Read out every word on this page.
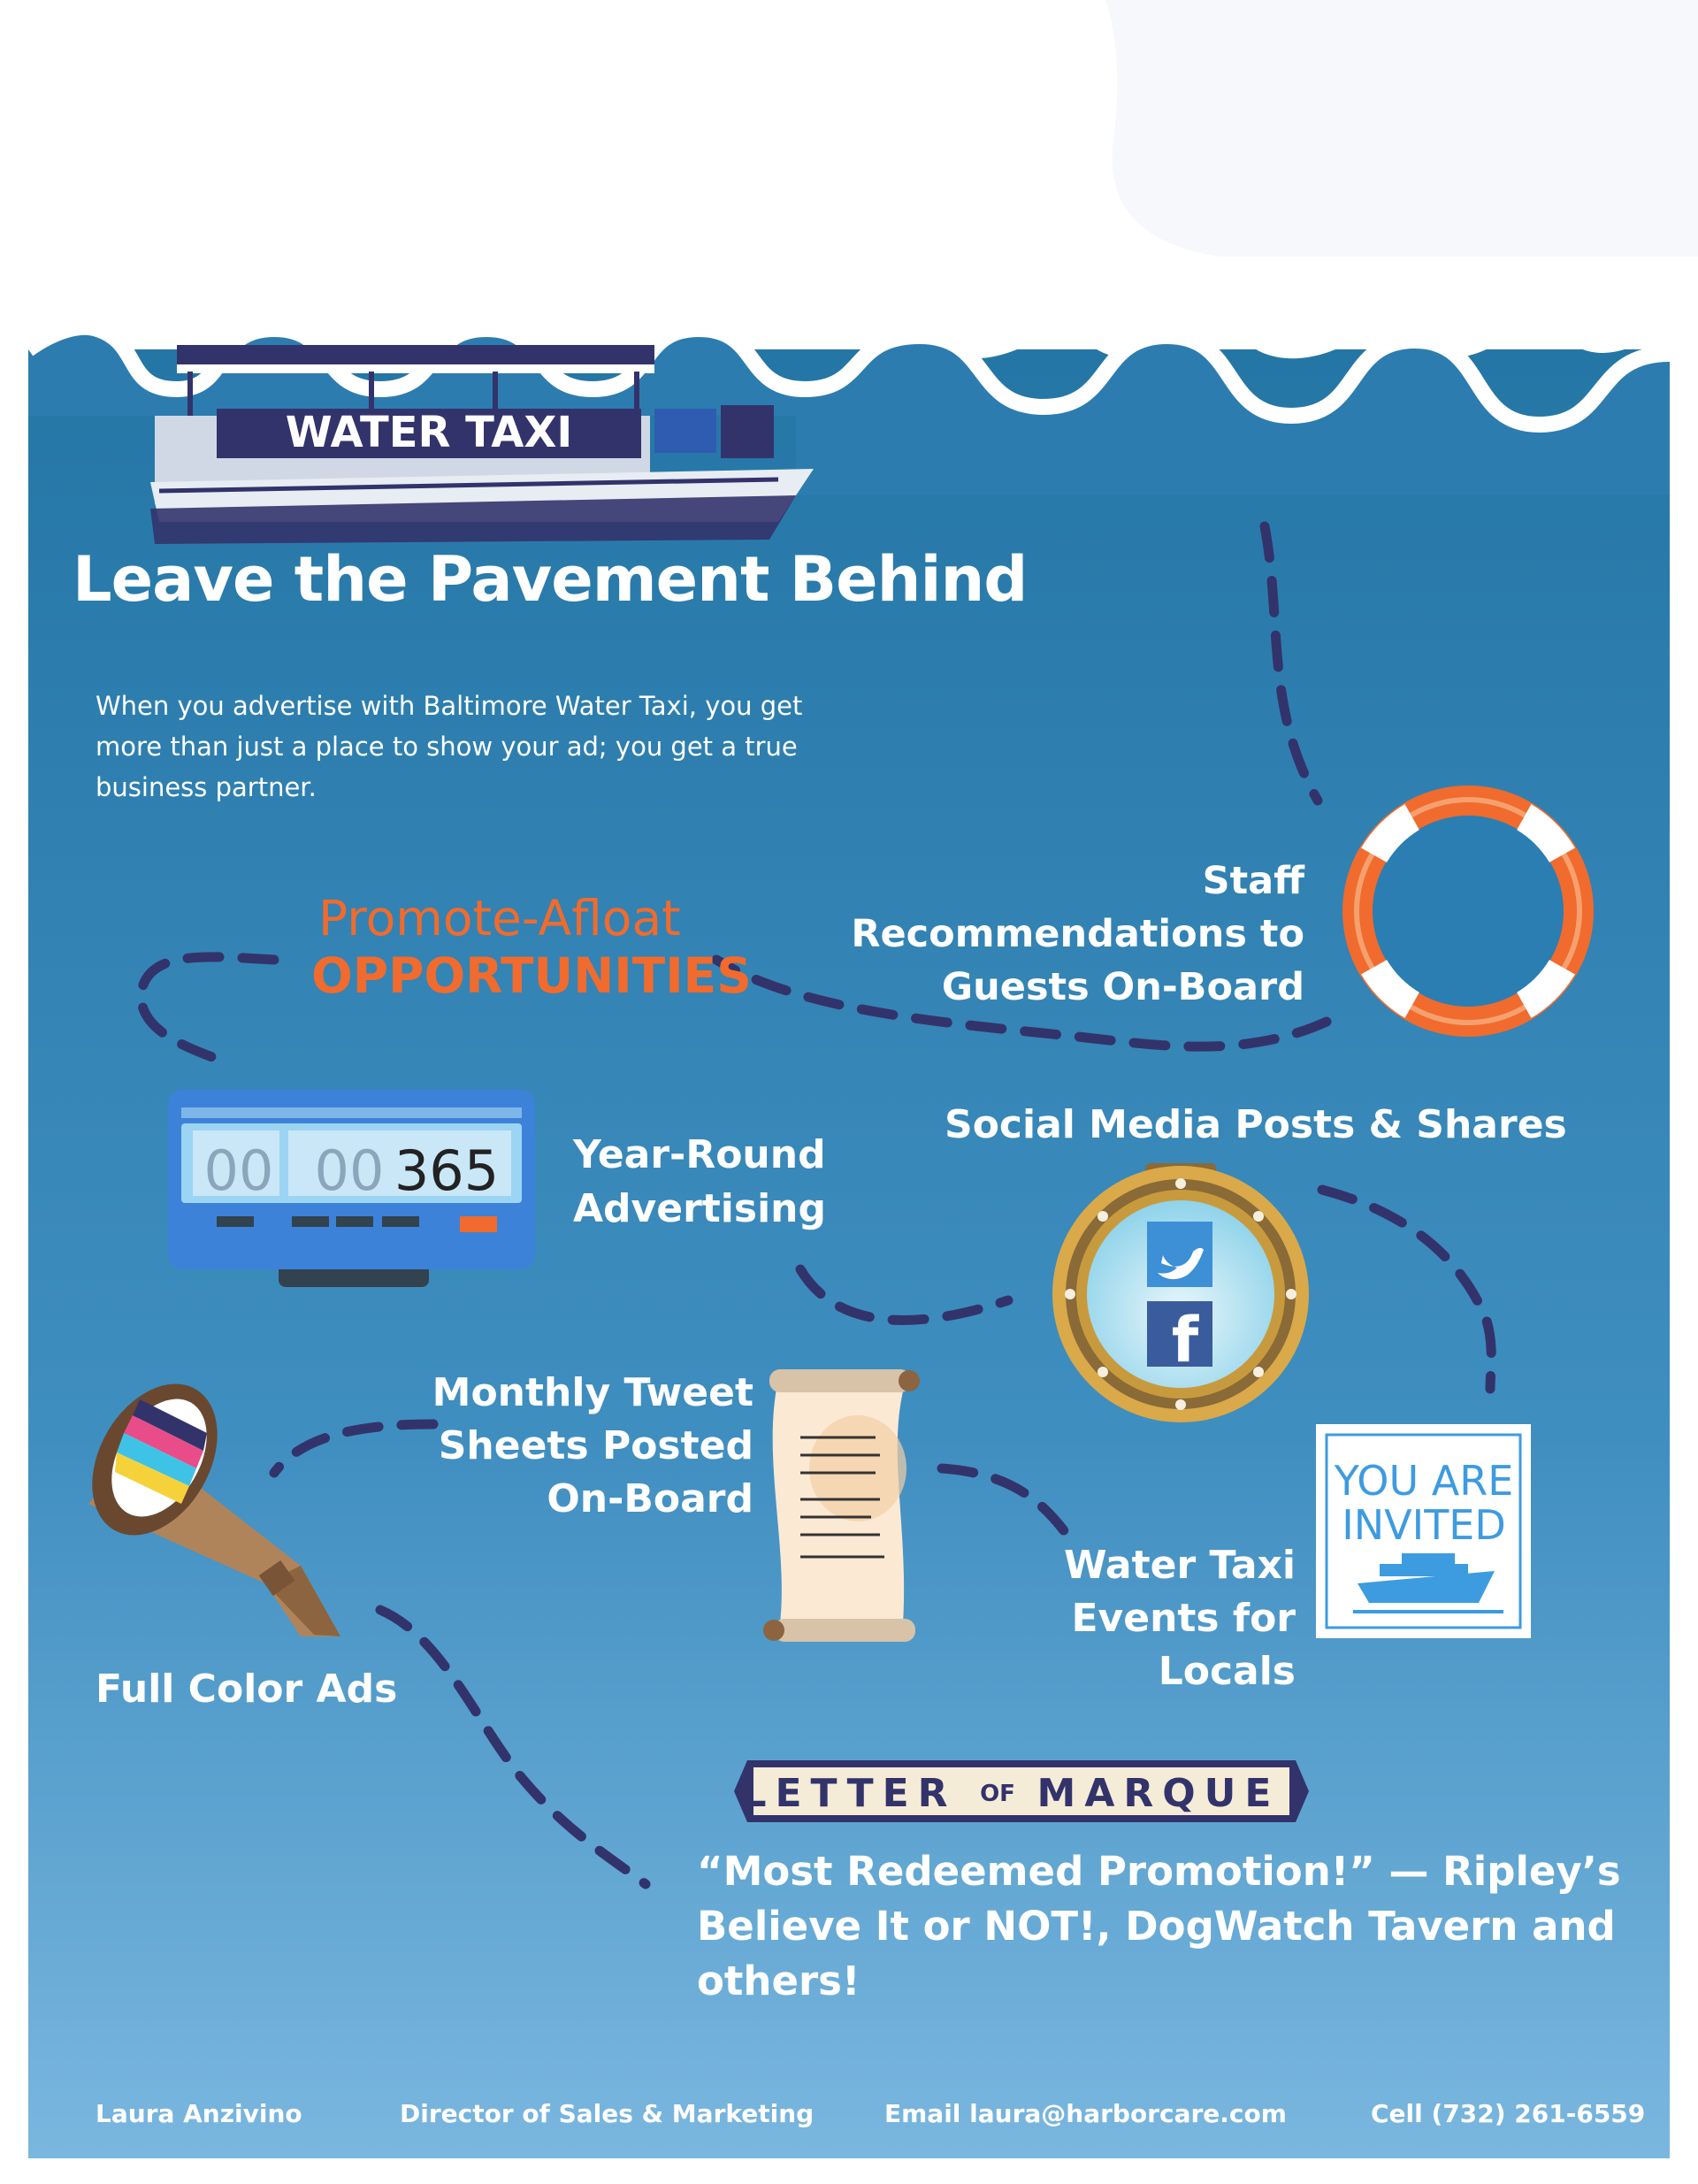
WATER TAXI
00 00 365
f
YOU ARE
INVITED
LETTER OF MARQUE
Leave the Pavement Behind
When you advertise with Baltimore Water Taxi, you get more than just a place to show your ad; you get a true business partner.
Promote-Afloat
OPPORTUNITIES
Staff Recommendations to Guests On-Board
Year-Round Advertising
Social Media Posts & Shares
Monthly Tweet Sheets Posted On-Board
Water Taxi Events for Locals
Full Color Ads
“Most Redeemed Promotion!” — Ripley’s Believe It or NOT!, DogWatch Tavern and others!
Laura Anzivino	Director of Sales & Marketing	Email laura@harborcare.com	Cell (732) 261-6559
